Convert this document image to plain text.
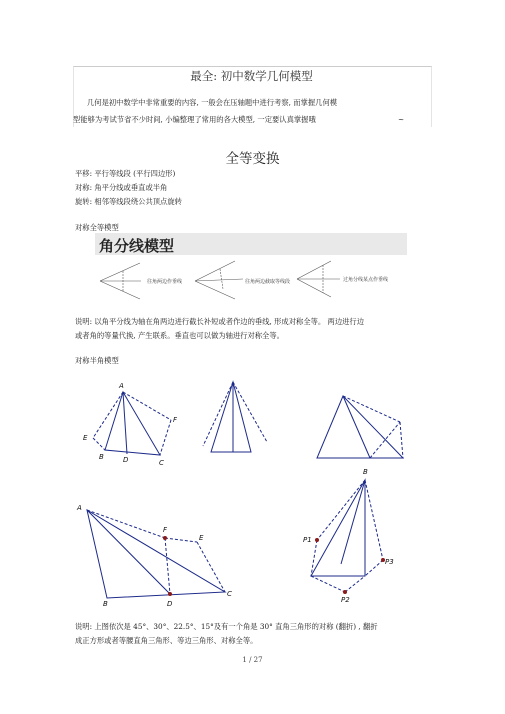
最全: 初中数学几何模型
几何是初中数学中非常重要的内容, 一般会在压轴题中进行考察, 而掌握几何模
型能够为考试节省不少时间, 小编整理了常用的各大模型, 一定要认真掌握哦	~
全等变换
平移: 平行等线段 (平行四边形)
对称: 角平分线或垂直或半角
旋转: 相邻等线段绕公共顶点旋转
对称全等模型
角分线模型
往角两边作垂线	往角两边截取等线段	过角分线某点作垂线
说明: 以角平分线为轴在角两边进行截长补短或者作边的垂线, 形成对称全等。 两边进行边
或者角的等量代换, 产生联系。垂直也可以做为轴进行对称全等。
对称半角模型
A
B
C
D
E
F
A
B
C
D
E
F
B
P1
P3
P2
说明: 上图依次是 45°、30°、22.5°、15°及有一个角是 30° 直角三角形的对称 (翻折) , 翻折
成正方形或者等腰直角三角形、等边三角形、对称全等。
1 / 27
